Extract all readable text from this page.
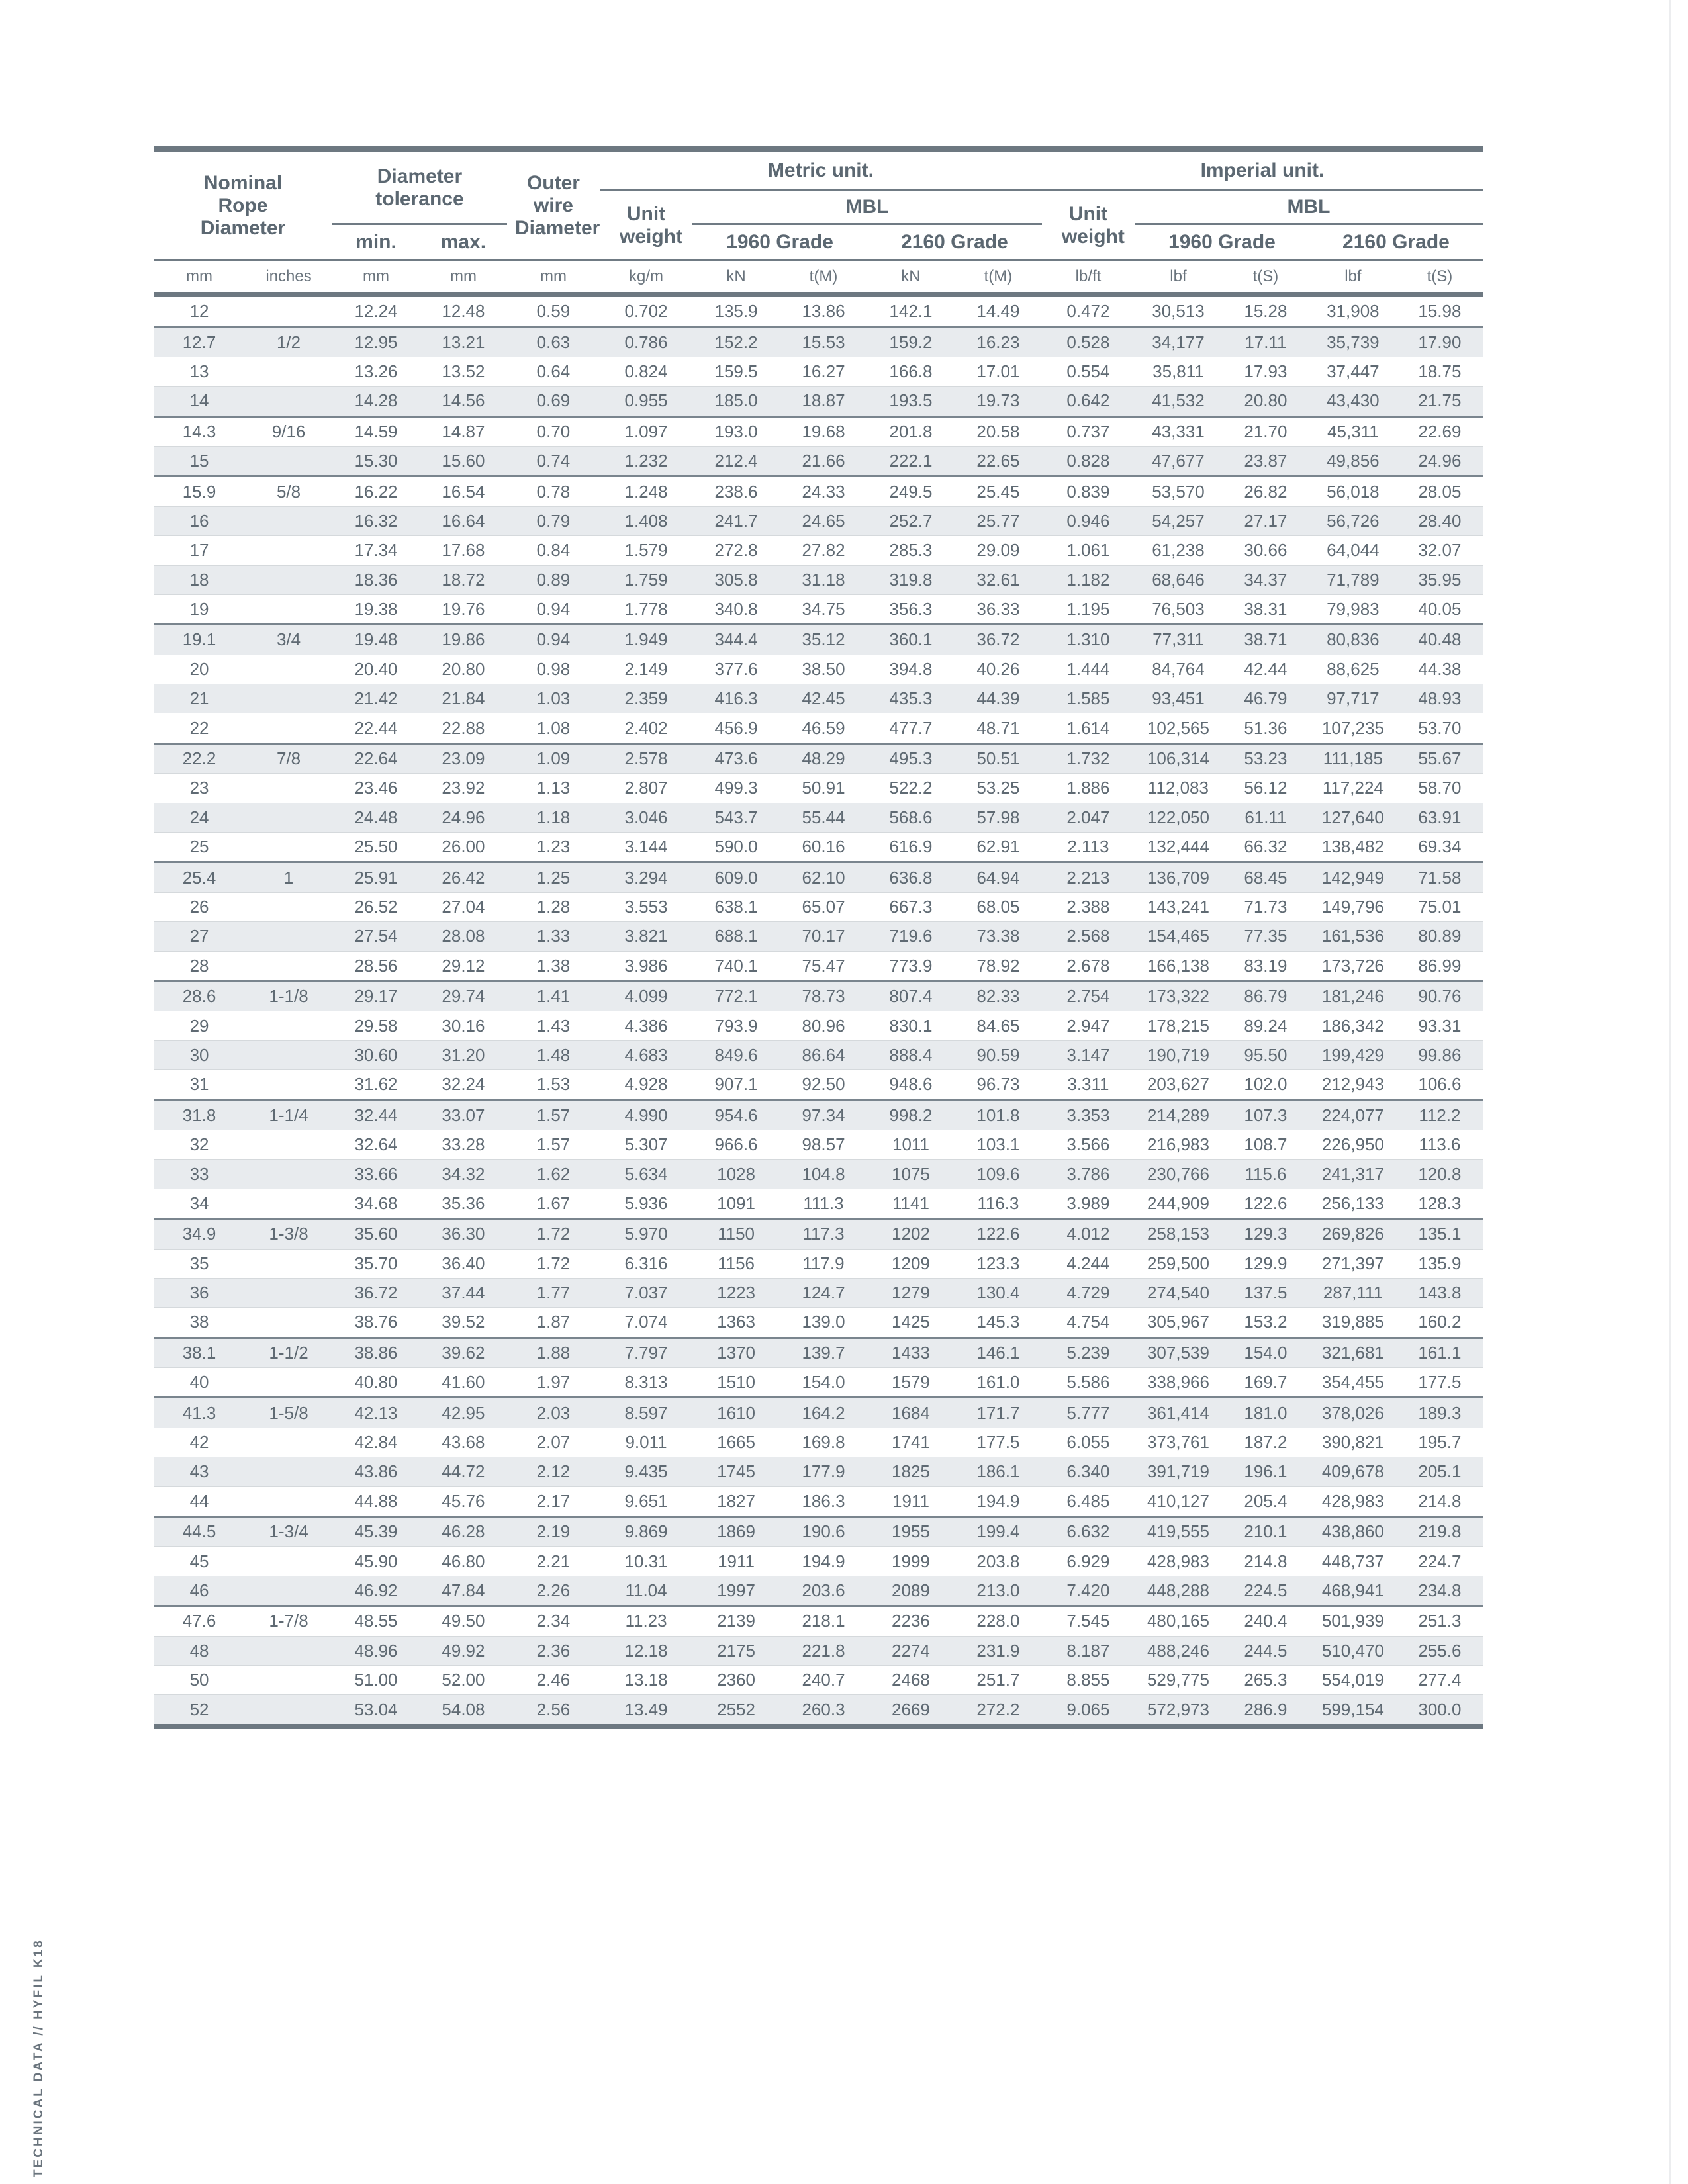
Nominal Rope Diameter		Diameter tolerance		Outer wire Diameter	Metric unit.					Imperial unit.				
					Unit weight	MBL				Unit weight	MBL			
		min.	max.			1960 Grade		2160 Grade			1960 Grade		2160 Grade	
mm	inches	mm	mm	mm	kg/m	kN	t(M)	kN	t(M)	lb/ft	lbf	t(S)	lbf	t(S)
12		12.24	12.48	0.59	0.702	135.9	13.86	142.1	14.49	0.472	30,513	15.28	31,908	15.98
12.7	1/2	12.95	13.21	0.63	0.786	152.2	15.53	159.2	16.23	0.528	34,177	17.11	35,739	17.90
13		13.26	13.52	0.64	0.824	159.5	16.27	166.8	17.01	0.554	35,811	17.93	37,447	18.75
14		14.28	14.56	0.69	0.955	185.0	18.87	193.5	19.73	0.642	41,532	20.80	43,430	21.75
14.3	9/16	14.59	14.87	0.70	1.097	193.0	19.68	201.8	20.58	0.737	43,331	21.70	45,311	22.69
15		15.30	15.60	0.74	1.232	212.4	21.66	222.1	22.65	0.828	47,677	23.87	49,856	24.96
15.9	5/8	16.22	16.54	0.78	1.248	238.6	24.33	249.5	25.45	0.839	53,570	26.82	56,018	28.05
16		16.32	16.64	0.79	1.408	241.7	24.65	252.7	25.77	0.946	54,257	27.17	56,726	28.40
17		17.34	17.68	0.84	1.579	272.8	27.82	285.3	29.09	1.061	61,238	30.66	64,044	32.07
18		18.36	18.72	0.89	1.759	305.8	31.18	319.8	32.61	1.182	68,646	34.37	71,789	35.95
19		19.38	19.76	0.94	1.778	340.8	34.75	356.3	36.33	1.195	76,503	38.31	79,983	40.05
19.1	3/4	19.48	19.86	0.94	1.949	344.4	35.12	360.1	36.72	1.310	77,311	38.71	80,836	40.48
20		20.40	20.80	0.98	2.149	377.6	38.50	394.8	40.26	1.444	84,764	42.44	88,625	44.38
21		21.42	21.84	1.03	2.359	416.3	42.45	435.3	44.39	1.585	93,451	46.79	97,717	48.93
22		22.44	22.88	1.08	2.402	456.9	46.59	477.7	48.71	1.614	102,565	51.36	107,235	53.70
22.2	7/8	22.64	23.09	1.09	2.578	473.6	48.29	495.3	50.51	1.732	106,314	53.23	111,185	55.67
23		23.46	23.92	1.13	2.807	499.3	50.91	522.2	53.25	1.886	112,083	56.12	117,224	58.70
24		24.48	24.96	1.18	3.046	543.7	55.44	568.6	57.98	2.047	122,050	61.11	127,640	63.91
25		25.50	26.00	1.23	3.144	590.0	60.16	616.9	62.91	2.113	132,444	66.32	138,482	69.34
25.4	1	25.91	26.42	1.25	3.294	609.0	62.10	636.8	64.94	2.213	136,709	68.45	142,949	71.58
26		26.52	27.04	1.28	3.553	638.1	65.07	667.3	68.05	2.388	143,241	71.73	149,796	75.01
27		27.54	28.08	1.33	3.821	688.1	70.17	719.6	73.38	2.568	154,465	77.35	161,536	80.89
28		28.56	29.12	1.38	3.986	740.1	75.47	773.9	78.92	2.678	166,138	83.19	173,726	86.99
28.6	1-1/8	29.17	29.74	1.41	4.099	772.1	78.73	807.4	82.33	2.754	173,322	86.79	181,246	90.76
29		29.58	30.16	1.43	4.386	793.9	80.96	830.1	84.65	2.947	178,215	89.24	186,342	93.31
30		30.60	31.20	1.48	4.683	849.6	86.64	888.4	90.59	3.147	190,719	95.50	199,429	99.86
31		31.62	32.24	1.53	4.928	907.1	92.50	948.6	96.73	3.311	203,627	102.0	212,943	106.6
31.8	1-1/4	32.44	33.07	1.57	4.990	954.6	97.34	998.2	101.8	3.353	214,289	107.3	224,077	112.2
32		32.64	33.28	1.57	5.307	966.6	98.57	1011	103.1	3.566	216,983	108.7	226,950	113.6
33		33.66	34.32	1.62	5.634	1028	104.8	1075	109.6	3.786	230,766	115.6	241,317	120.8
34		34.68	35.36	1.67	5.936	1091	111.3	1141	116.3	3.989	244,909	122.6	256,133	128.3
34.9	1-3/8	35.60	36.30	1.72	5.970	1150	117.3	1202	122.6	4.012	258,153	129.3	269,826	135.1
35		35.70	36.40	1.72	6.316	1156	117.9	1209	123.3	4.244	259,500	129.9	271,397	135.9
36		36.72	37.44	1.77	7.037	1223	124.7	1279	130.4	4.729	274,540	137.5	287,111	143.8
38		38.76	39.52	1.87	7.074	1363	139.0	1425	145.3	4.754	305,967	153.2	319,885	160.2
38.1	1-1/2	38.86	39.62	1.88	7.797	1370	139.7	1433	146.1	5.239	307,539	154.0	321,681	161.1
40		40.80	41.60	1.97	8.313	1510	154.0	1579	161.0	5.586	338,966	169.7	354,455	177.5
41.3	1-5/8	42.13	42.95	2.03	8.597	1610	164.2	1684	171.7	5.777	361,414	181.0	378,026	189.3
42		42.84	43.68	2.07	9.011	1665	169.8	1741	177.5	6.055	373,761	187.2	390,821	195.7
43		43.86	44.72	2.12	9.435	1745	177.9	1825	186.1	6.340	391,719	196.1	409,678	205.1
44		44.88	45.76	2.17	9.651	1827	186.3	1911	194.9	6.485	410,127	205.4	428,983	214.8
44.5	1-3/4	45.39	46.28	2.19	9.869	1869	190.6	1955	199.4	6.632	419,555	210.1	438,860	219.8
45		45.90	46.80	2.21	10.31	1911	194.9	1999	203.8	6.929	428,983	214.8	448,737	224.7
46		46.92	47.84	2.26	11.04	1997	203.6	2089	213.0	7.420	448,288	224.5	468,941	234.8
47.6	1-7/8	48.55	49.50	2.34	11.23	2139	218.1	2236	228.0	7.545	480,165	240.4	501,939	251.3
48		48.96	49.92	2.36	12.18	2175	221.8	2274	231.9	8.187	488,246	244.5	510,470	255.6
50		51.00	52.00	2.46	13.18	2360	240.7	2468	251.7	8.855	529,775	265.3	554,019	277.4
52		53.04	54.08	2.56	13.49	2552	260.3	2669	272.2	9.065	572,973	286.9	599,154	300.0
TECHNICAL DATA // HYFIL K18
